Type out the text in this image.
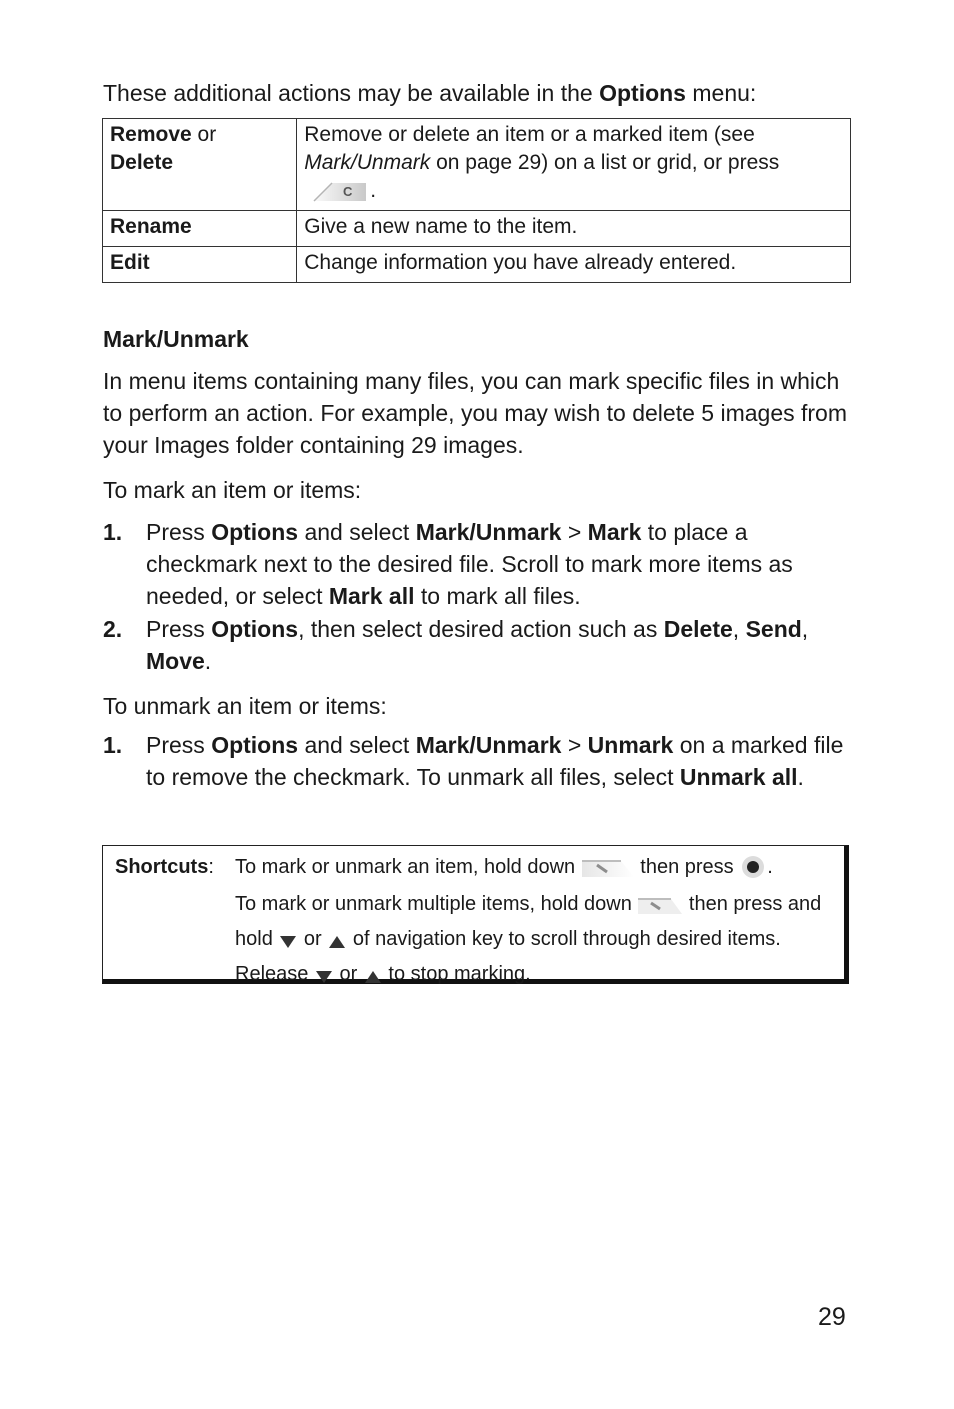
These additional actions may be available in the Options menu:

Remove or
Delete	Remove or delete an item or a marked item (see Mark/Unmark on page 29) on a list or grid, or press
C .
Rename	Give a new name to the item.
Edit	Change information you have already entered.
Mark/Unmark

In menu items containing many files, you can mark specific files in which to perform an action. For example, you may wish to delete 5 images from your Images folder containing 29 images.

To mark an item or items:

1. Press Options and select Mark/Unmark > Mark to place a checkmark next to the desired file. Scroll to mark more items as needed, or select Mark all to mark all files.
2. Press Options, then select desired action such as Delete, Send, Move.

To unmark an item or items:

1. Press Options and select Mark/Unmark > Unmark on a marked file to remove the checkmark. To unmark all files, select Unmark all.
Shortcuts: To mark or unmark an item, hold down	then press .
To mark or unmark multiple items, hold down  then press and hold  or  of navigation key to scroll through desired items. Release  or  to stop marking.
29
